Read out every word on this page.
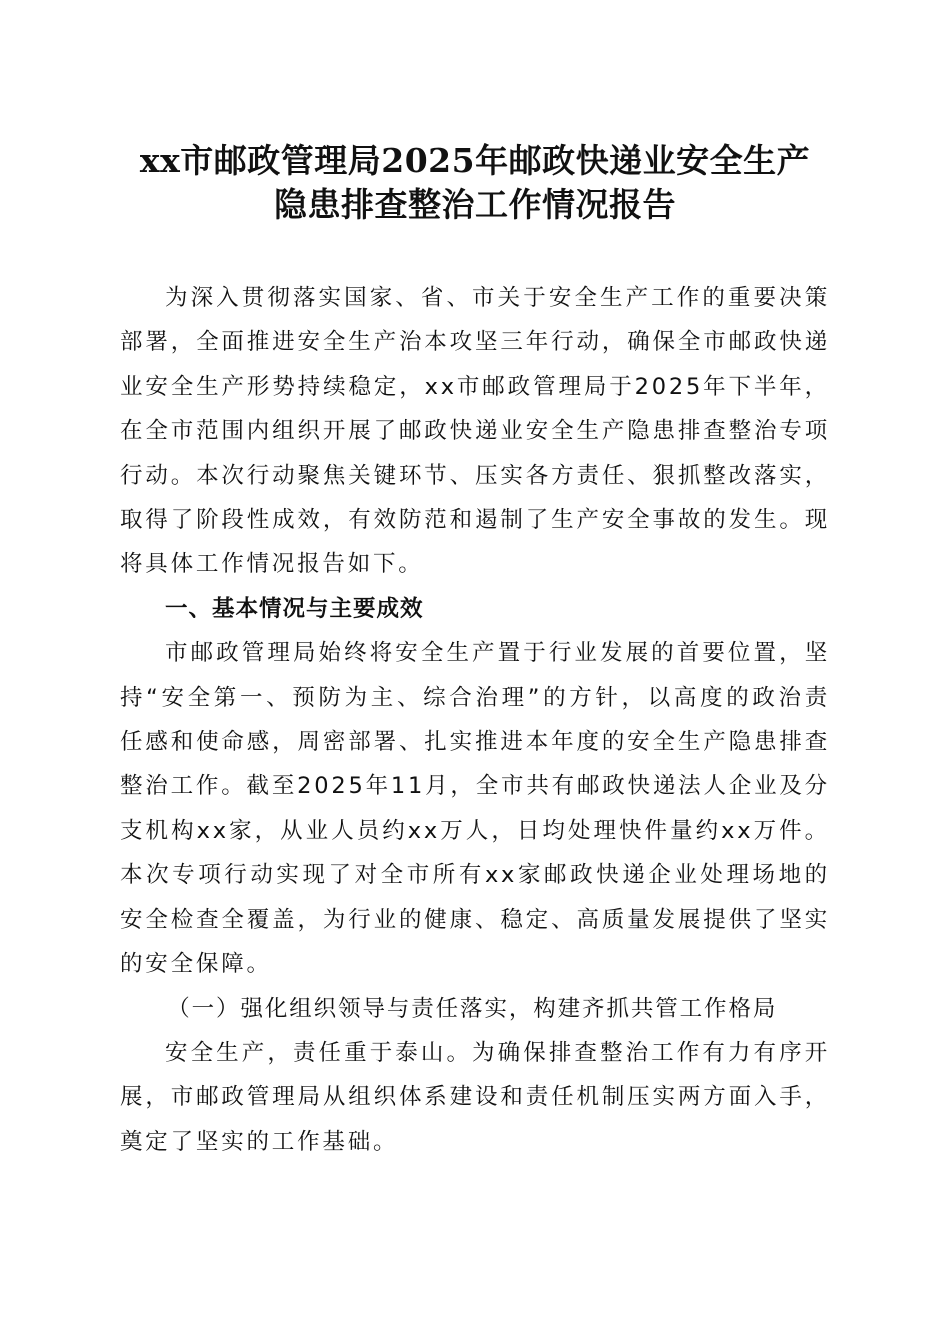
xx市邮政管理局2025年邮政快递业安全生产
隐患排查整治工作情况报告

为深入贯彻落实国家、省、市关于安全生产工作的重要决策部署，全面推进安全生产治本攻坚三年行动，确保全市邮政快递业安全生产形势持续稳定，xx市邮政管理局于2025年下半年，在全市范围内组织开展了邮政快递业安全生产隐患排查整治专项行动。本次行动聚焦关键环节、压实各方责任、狠抓整改落实，取得了阶段性成效，有效防范和遏制了生产安全事故的发生。现将具体工作情况报告如下。

一、基本情况与主要成效

市邮政管理局始终将安全生产置于行业发展的首要位置，坚持“安全第一、预防为主、综合治理”的方针，以高度的政治责任感和使命感，周密部署、扎实推进本年度的安全生产隐患排查整治工作。截至2025年11月，全市共有邮政快递法人企业及分支机构xx家，从业人员约xx万人，日均处理快件量约xx万件。本次专项行动实现了对全市所有xx家邮政快递企业处理场地的安全检查全覆盖，为行业的健康、稳定、高质量发展提供了坚实的安全保障。

（一）强化组织领导与责任落实，构建齐抓共管工作格局

安全生产，责任重于泰山。为确保排查整治工作有力有序开展，市邮政管理局从组织体系建设和责任机制压实两方面入手，奠定了坚实的工作基础。
